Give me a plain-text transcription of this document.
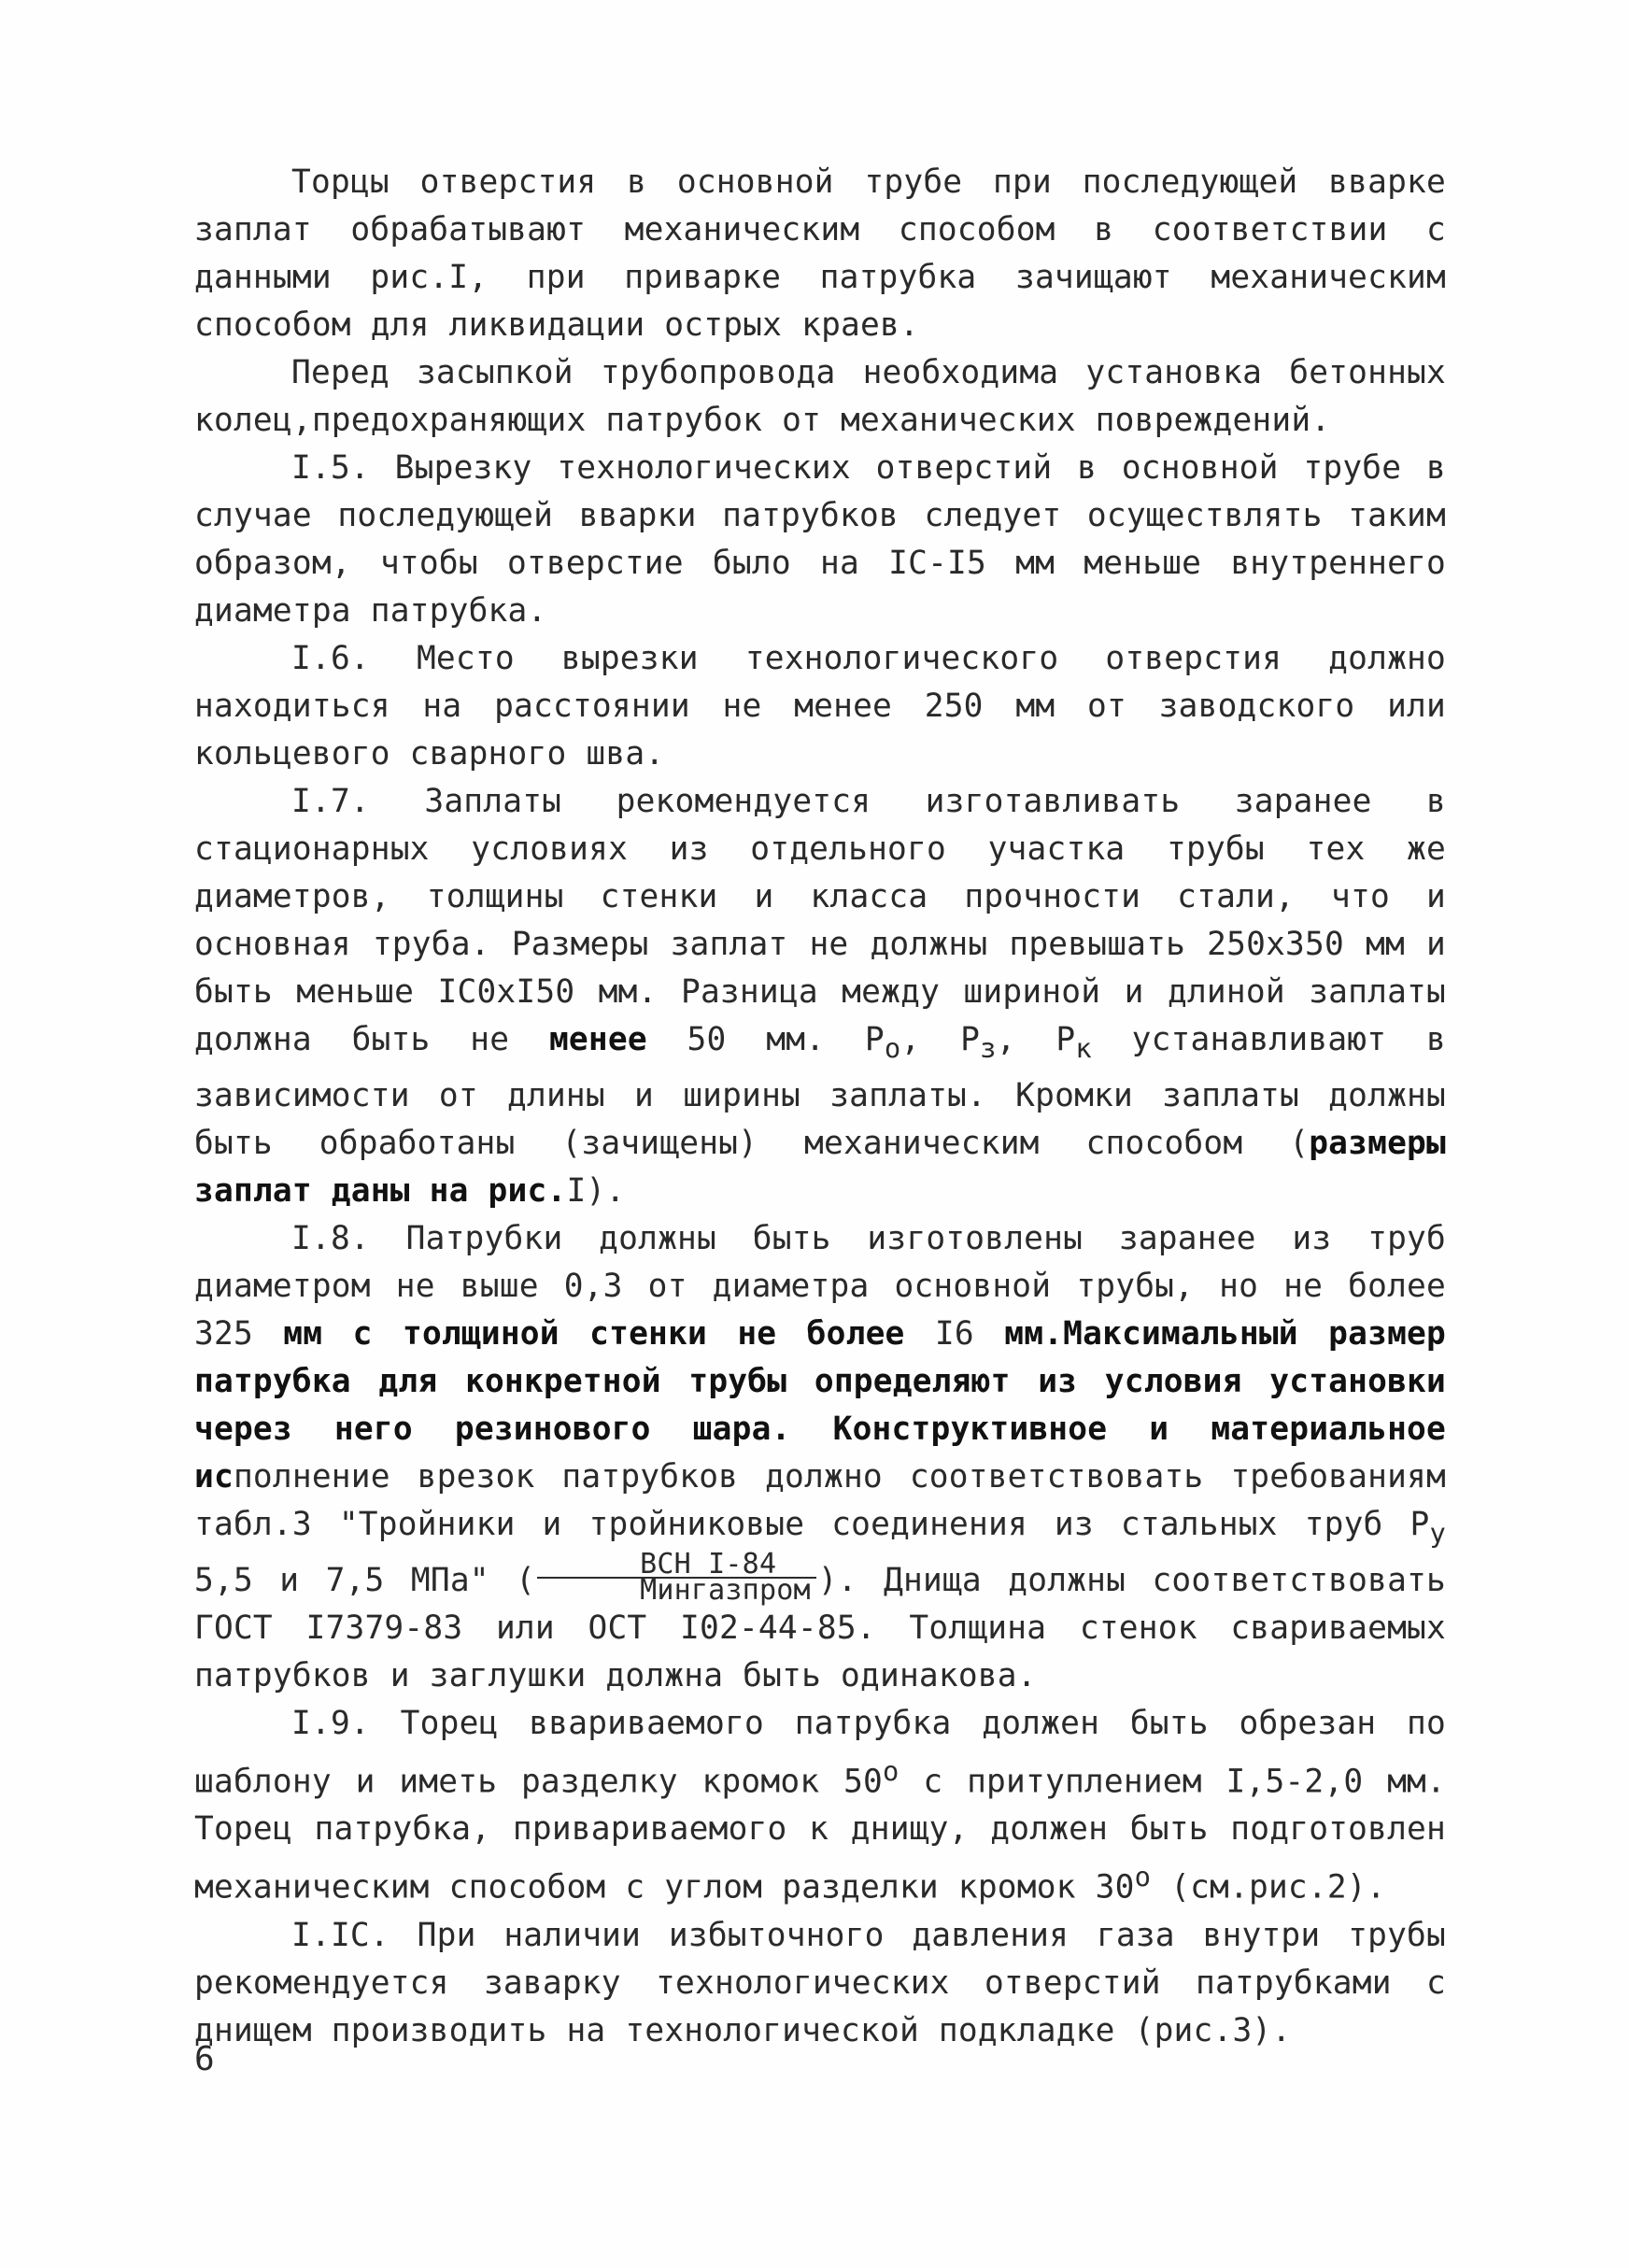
Торцы отверстия в основной трубе при последующей вварке заплат обрабатывают механическим способом в соответствии с данными рис.I, при приварке патрубка зачищают механическим способом для ликвидации острых краев.

Перед засыпкой трубопровода необходима установка бетонных колец,предохраняющих патрубок от механических повреждений.

I.5. Вырезку технологических отверстий в основной трубе в случае последующей вварки патрубков следует осуществлять таким образом, чтобы отверстие было на IC-I5 мм меньше внутреннего диаметра патрубка.

I.6. Место вырезки технологического отверстия должно находиться на расстоянии не менее 250 мм от заводского или кольцевого сварного шва.

I.7. Заплаты рекомендуется изготавливать заранее в стационарных условиях из отдельного участка трубы тех же диаметров, толщины стенки и класса прочности стали, что и основная труба. Размеры заплат не должны превышать 250x350 мм и быть меньше IC0xI50 мм. Разница между шириной и длиной заплаты должна быть не менее 50 мм. $P_о$, $P_з$, $P_к$ устанавливают в зависимости от длины и ширины заплаты. Кромки заплаты должны быть обработаны (зачищены) механическим способом (размеры заплат даны на рис.I).

I.8. Патрубки должны быть изготовлены заранее из труб диаметром не выше 0,3 от диаметра основной трубы, но не более 325 мм с толщиной стенки не более I6 мм.Максимальный размер патрубка для конкретной трубы определяют из условия установки через него резинового шара. Конструктивное и материальное исполнение врезок патрубков должно соответствовать требованиям табл.3 "Тройники и тройниковые соединения из стальных труб $P_у$ 5,5 и 7,5 МПа" ( $\frac{\text{ВСН I-84}}{\text{Мингазпром}}$ ). Днища должны соответствовать ГОСТ I7379-83 или ОСТ I02-44-85. Толщина стенок свариваемых патрубков и заглушки должна быть одинакова.

I.9. Торец ввариваемого патрубка должен быть обрезан по шаблону и иметь разделку кромок $50^о$ с притуплением I,5-2,0 мм. Торец патрубка, привариваемого к днищу, должен быть подготовлен механическим способом с углом разделки кромок $30^о$ (см.рис.2).

I.IC. При наличии избыточного давления газа внутри трубы рекомендуется заварку технологических отверстий патрубками с днищем производить на технологической подкладке (рис.3).

6
